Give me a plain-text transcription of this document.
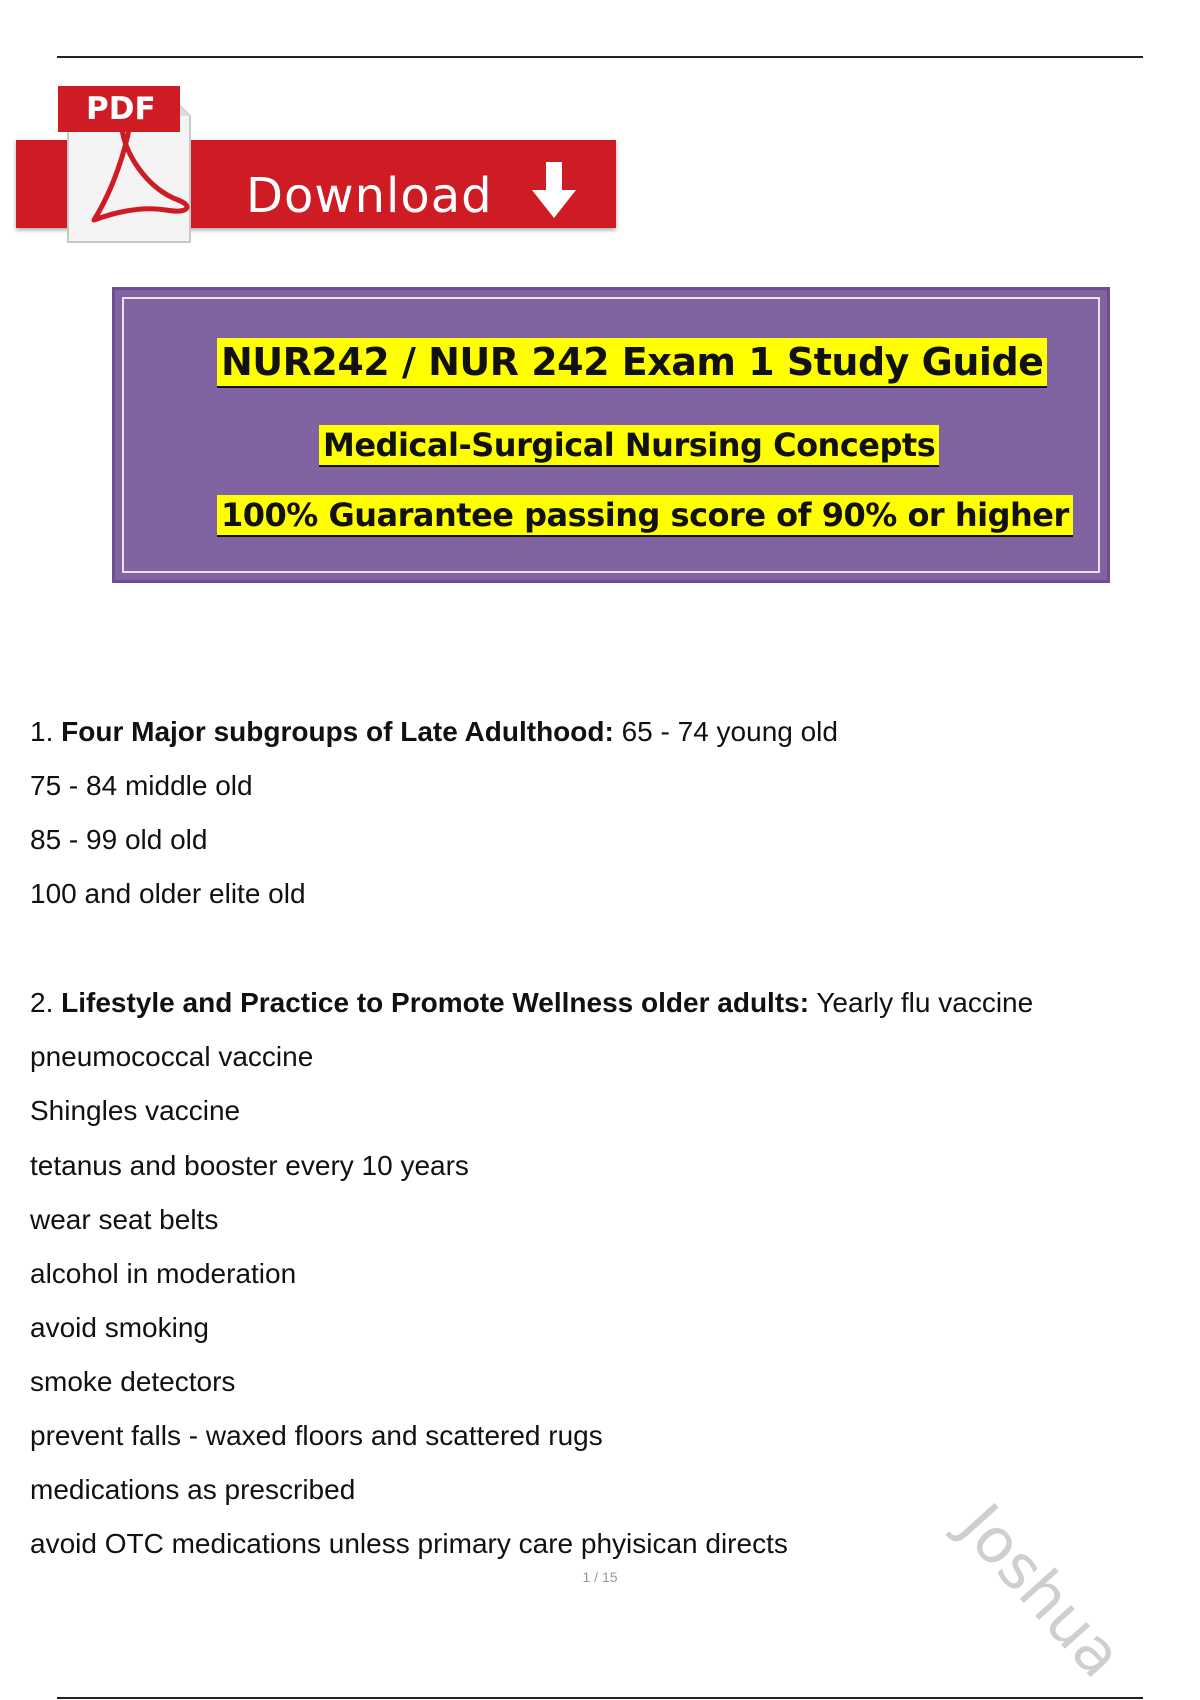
Download
PDF
NUR242 / NUR 242 Exam 1 Study Guide
Medical-Surgical Nursing Concepts
100% Guarantee passing score of 90% or higher
1. Four Major subgroups of Late Adulthood: 65 - 74 young old
75 - 84 middle old
85 - 99 old old
100 and older elite old
2. Lifestyle and Practice to Promote Wellness older adults: Yearly flu vaccine
pneumococcal vaccine
Shingles vaccine
tetanus and booster every 10 years
wear seat belts
alcohol in moderation
avoid smoking
smoke detectors
prevent falls - waxed floors and scattered rugs
medications as prescribed
avoid OTC medications unless primary care phyisican directs
1 / 15	Joshua
